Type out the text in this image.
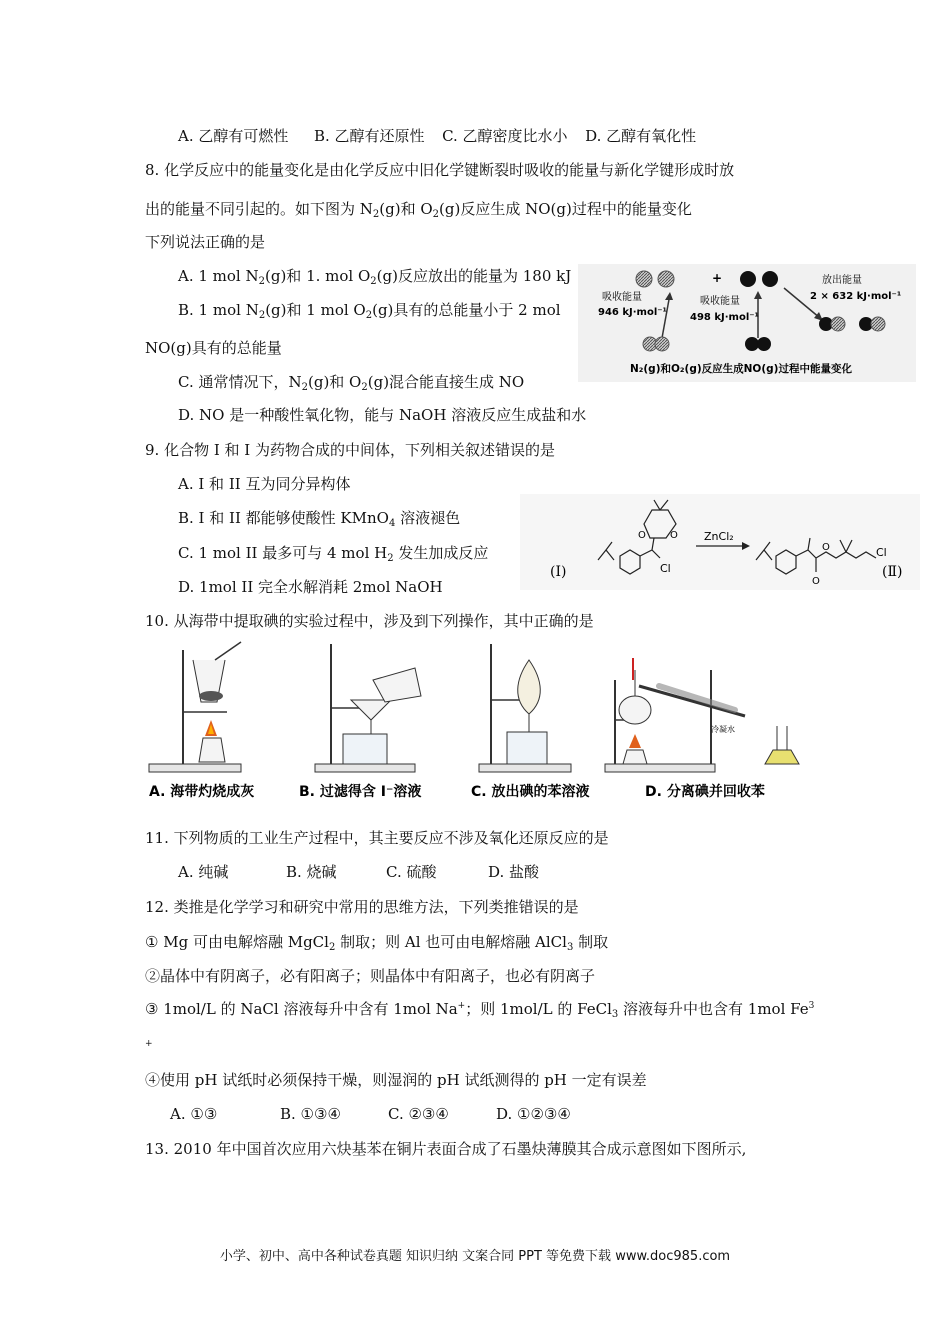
A. 乙醇有可燃性 B. 乙醇有还原性 C. 乙醇密度比水小 D. 乙醇有氧化性
8. 化学反应中的能量变化是由化学反应中旧化学键断裂时吸收的能量与新化学键形成时放
出的能量不同引起的。如下图为 $N_2(g)$和 $O_2(g)$反应生成 NO(g)过程中的能量变化
下列说法正确的是
A. 1 mol $N_2(g)$和 1. mol $O_2(g)$反应放出的能量为 180 kJ
B. 1 mol $N_2(g)$和 1 mol $O_2(g)$具有的总能量小于 2 mol
NO(g)具有的总能量
C. 通常情况下，$N_2(g)$和 $O_2(g)$混合能直接生成 NO
D. NO 是一种酸性氧化物，能与 NaOH 溶液反应生成盐和水
+	放出能量
2 × 632 kJ·mol⁻¹
吸收能量
946 kJ·mol⁻¹
吸收能量
498 kJ·mol⁻¹
N₂(g)和O₂(g)反应生成NO(g)过程中能量变化
9. 化合物 I 和 I 为药物合成的中间体，下列相关叙述错误的是
A. I 和 II 互为同分异构体
B. I 和 II 都能够使酸性 KMnO$_4$ 溶液褪色
C. 1 mol II 最多可与 4 mol $H_2$ 发生加成反应
D. 1mol II 完全水解消耗 2mol NaOH
(Ⅰ)	Cl
O O ZnCl₂
O
O	Cl
(Ⅱ)
10. 从海带中提取碘的实验过程中，涉及到下列操作，其中正确的是
A. 海带灼烧成灰	B. 过滤得含 I⁻溶液	C. 放出碘的苯溶液
冷凝水
D. 分离碘并回收苯
11. 下列物质的工业生产过程中，其主要反应不涉及氧化还原反应的是
A. 纯碱	B. 烧碱	C. 硫酸	D. 盐酸
12. 类推是化学学习和研究中常用的思维方法，下列类推错误的是
① Mg 可由电解熔融 MgCl$_2$ 制取；则 Al 也可由电解熔融 AlCl$_3$ 制取
②晶体中有阴离子，必有阳离子；则晶体中有阳离子，也必有阴离子
③ 1mol/L 的 NaCl 溶液每升中含有 1mol Na+；则 1mol/L 的 FeCl$_3$ 溶液每升中也含有 1mol $Fe^3$
+
④使用 pH 试纸时必须保持干燥，则湿润的 pH 试纸测得的 pH 一定有误差
A. ①③	B. ①③④	C. ②③④	D. ①②③④
13. 2010 年中国首次应用六炔基苯在铜片表面合成了石墨炔薄膜其合成示意图如下图所示,
小学、初中、高中各种试卷真题 知识归纳 文案合同 PPT 等免费下载 www.doc985.com
